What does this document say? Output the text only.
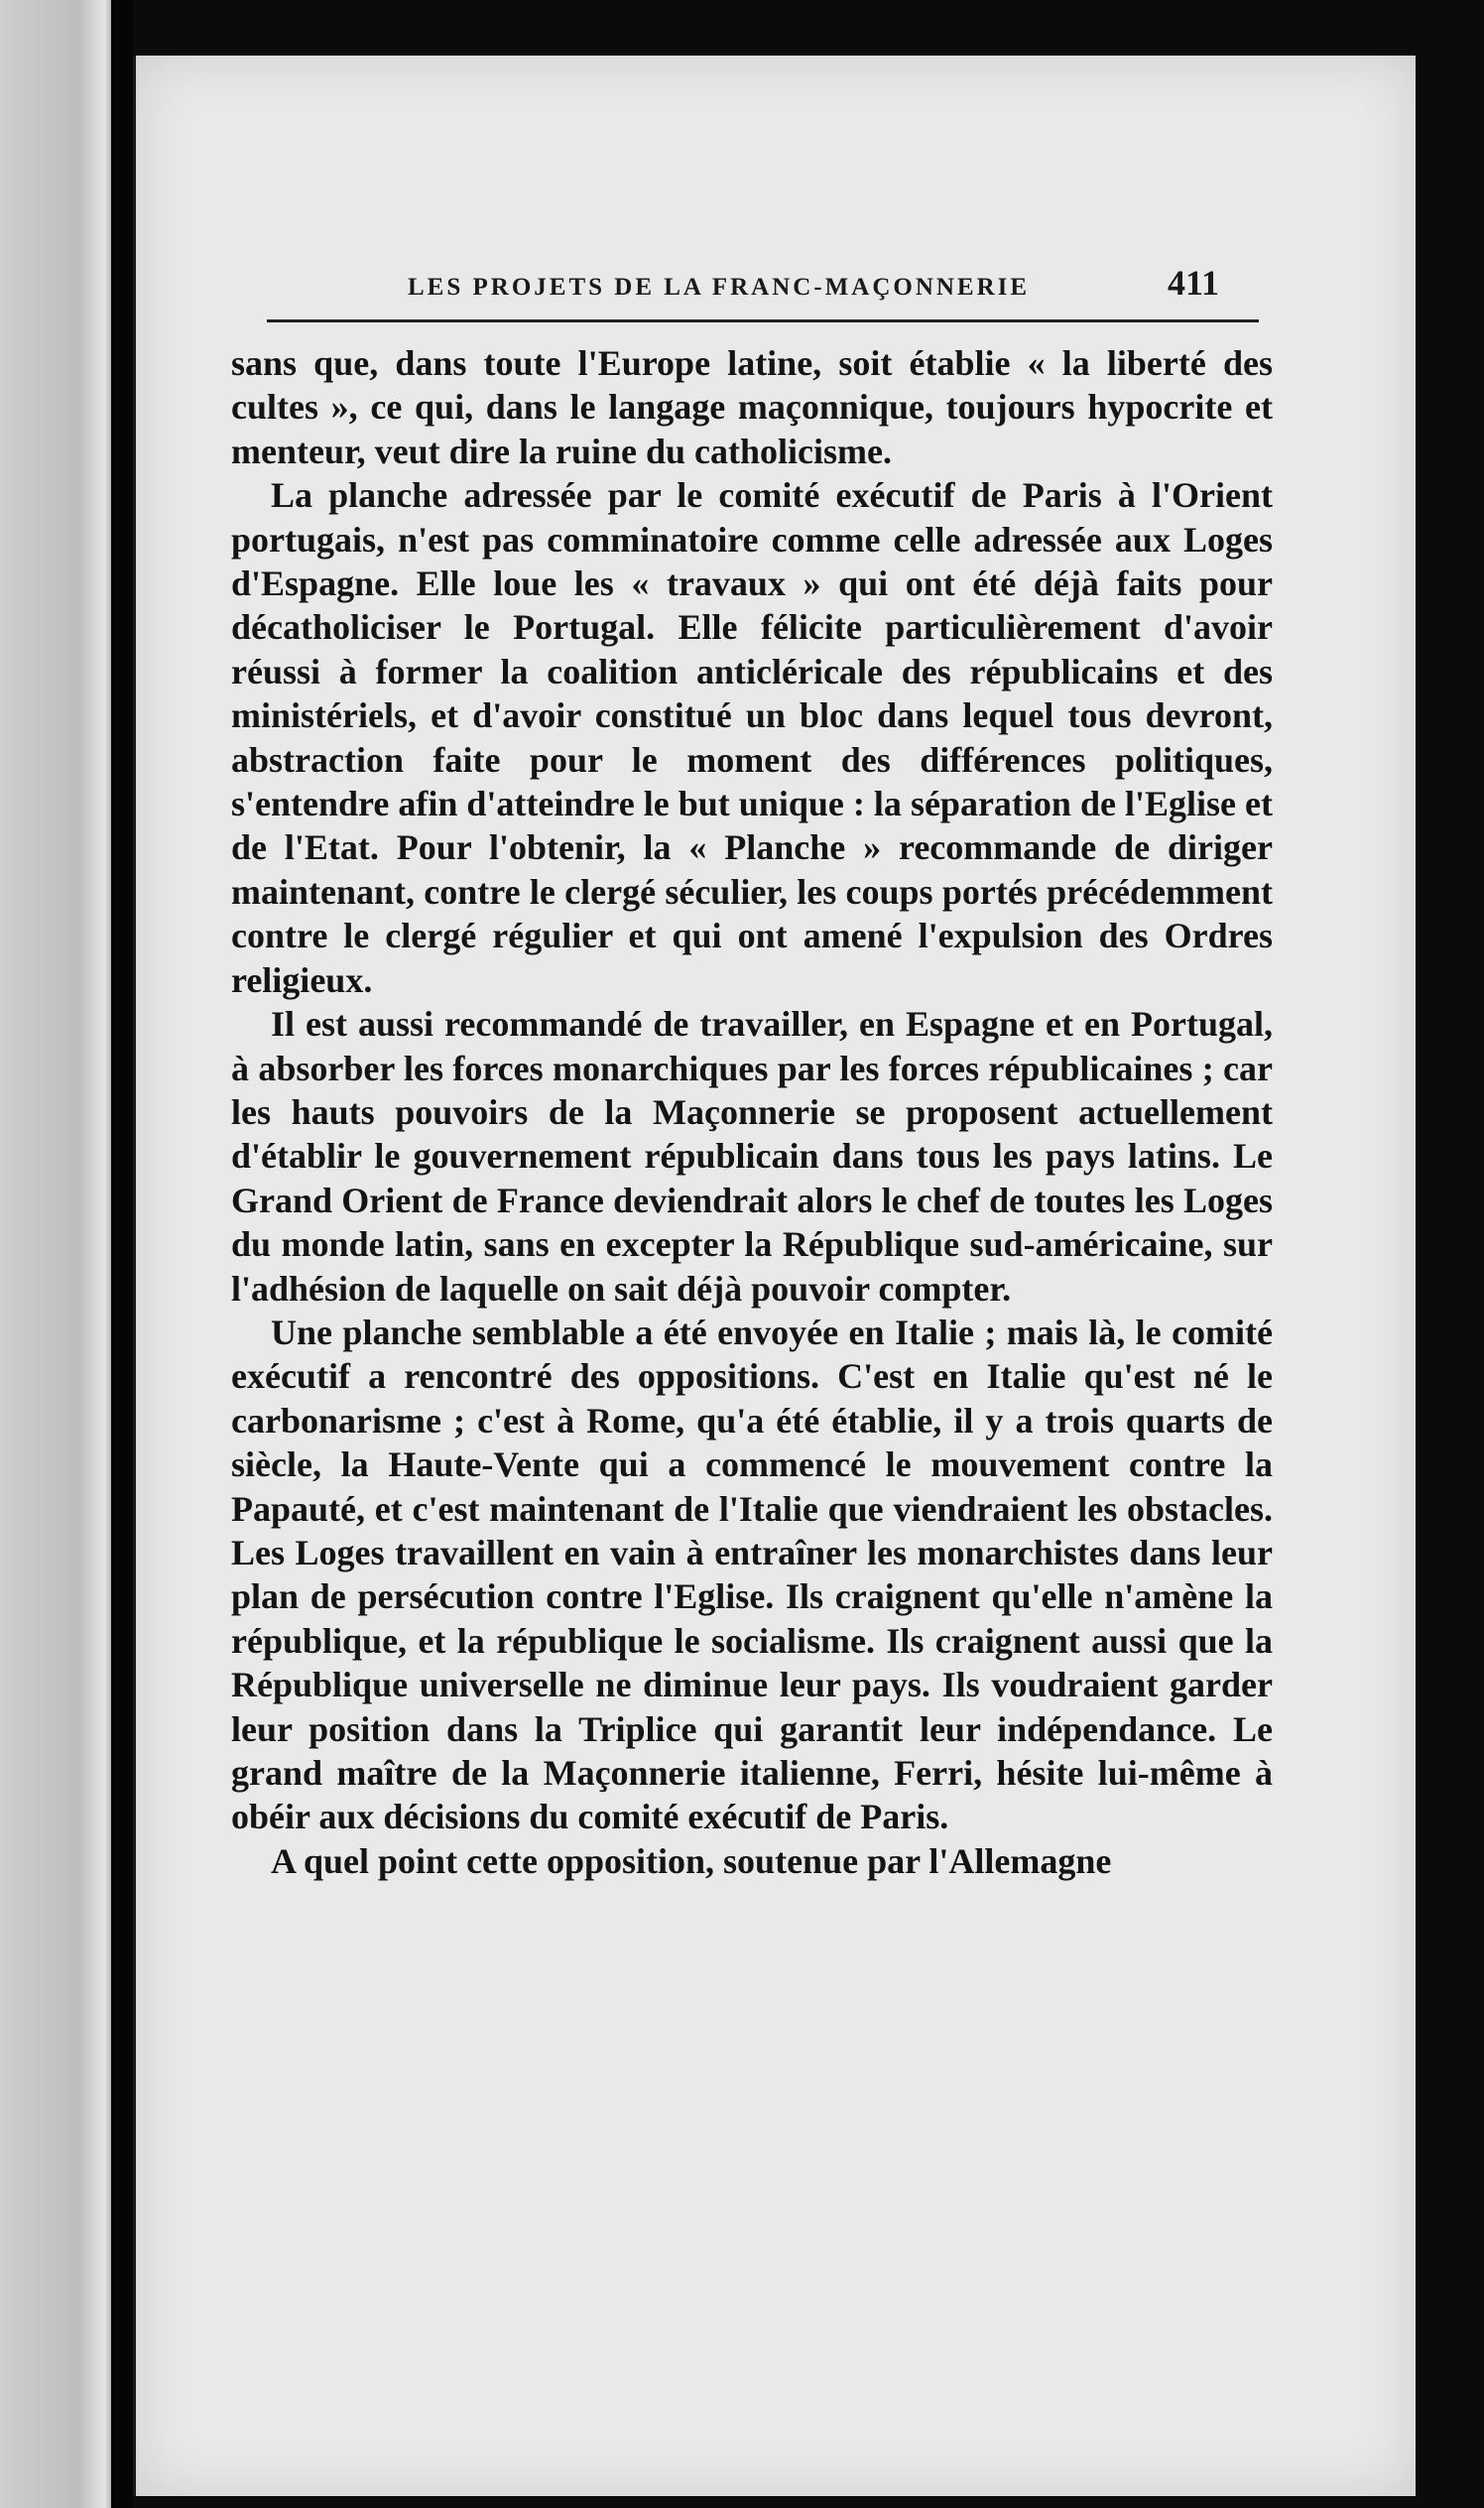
LES PROJETS DE LA FRANC-MAÇONNERIE	411

sans que, dans toute l'Europe latine, soit établie « la liberté des cultes », ce qui, dans le langage maçonnique, toujours hypocrite et menteur, veut dire la ruine du catholicisme.

La planche adressée par le comité exécutif de Paris à l'Orient portugais, n'est pas comminatoire comme celle adressée aux Loges d'Espagne. Elle loue les « travaux » qui ont été déjà faits pour décatholiciser le Portugal. Elle félicite particulièrement d'avoir réussi à former la coalition anticléricale des républicains et des ministériels, et d'avoir constitué un bloc dans lequel tous devront, abstraction faite pour le moment des différences politiques, s'entendre afin d'atteindre le but unique : la séparation de l'Eglise et de l'Etat. Pour l'obtenir, la « Planche » recommande de diriger maintenant, contre le clergé séculier, les coups portés précédemment contre le clergé régulier et qui ont amené l'expulsion des Ordres religieux.

Il est aussi recommandé de travailler, en Espagne et en Portugal, à absorber les forces monarchiques par les forces républicaines ; car les hauts pouvoirs de la Maçonnerie se proposent actuellement d'établir le gouvernement républicain dans tous les pays latins. Le Grand Orient de France deviendrait alors le chef de toutes les Loges du monde latin, sans en excepter la République sud-américaine, sur l'adhésion de laquelle on sait déjà pouvoir compter.

Une planche semblable a été envoyée en Italie ; mais là, le comité exécutif a rencontré des oppositions. C'est en Italie qu'est né le carbonarisme ; c'est à Rome, qu'a été établie, il y a trois quarts de siècle, la Haute-Vente qui a commencé le mouvement contre la Papauté, et c'est maintenant de l'Italie que viendraient les obstacles. Les Loges travaillent en vain à entraîner les monarchistes dans leur plan de persécution contre l'Eglise. Ils craignent qu'elle n'amène la république, et la république le socialisme. Ils craignent aussi que la République universelle ne diminue leur pays. Ils voudraient garder leur position dans la Triplice qui garantit leur indépendance. Le grand maître de la Maçonnerie italienne, Ferri, hésite lui-même à obéir aux décisions du comité exécutif de Paris.

A quel point cette opposition, soutenue par l'Allemagne
